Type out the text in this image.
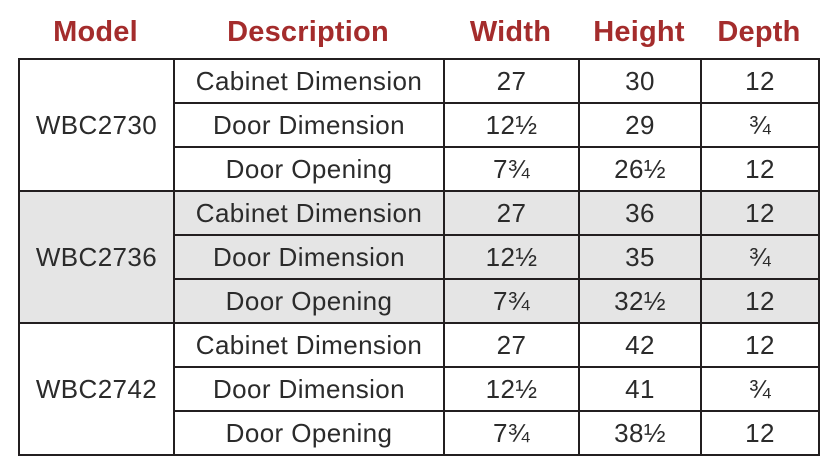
Model	Description	Width	Height	Depth
WBC2730	Cabinet Dimension	27	30	12
	Door Dimension	12½	29	¾
	Door Opening	7¾	26½	12
WBC2736	Cabinet Dimension	27	36	12
	Door Dimension	12½	35	¾
	Door Opening	7¾	32½	12
WBC2742	Cabinet Dimension	27	42	12
	Door Dimension	12½	41	¾
	Door Opening	7¾	38½	12
